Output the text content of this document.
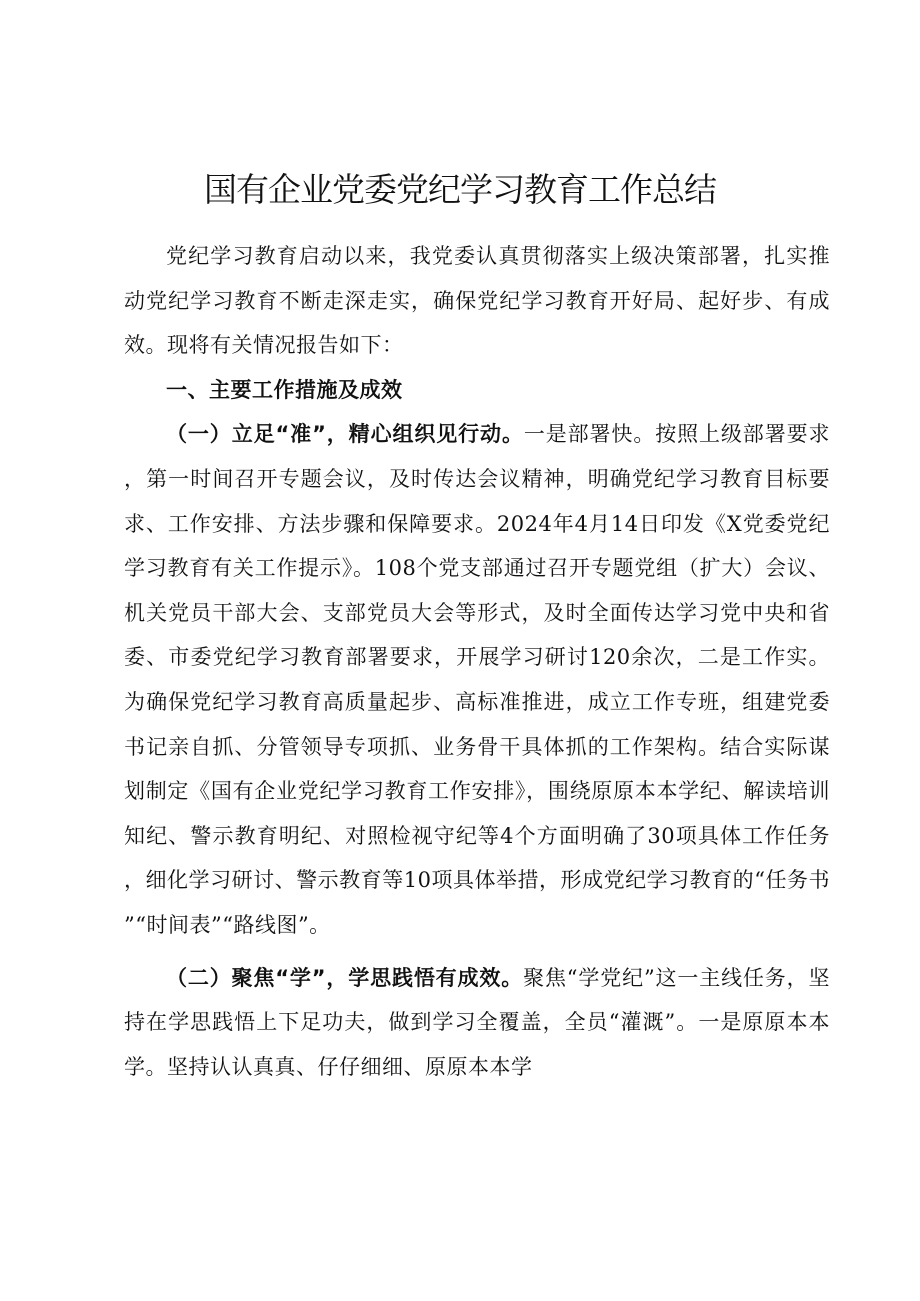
国有企业党委党纪学习教育工作总结

党纪学习教育启动以来，我党委认真贯彻落实上级决策部署，扎实推动党纪学习教育不断走深走实，确保党纪学习教育开好局、起好步、有成效。现将有关情况报告如下：

一、主要工作措施及成效

（一）立足“准”，精心组织见行动。一是部署快。按照上级部署要求，第一时间召开专题会议，及时传达会议精神，明确党纪学习教育目标要求、工作安排、方法步骤和保障要求。2024年4月14日印发《X党委党纪学习教育有关工作提示》。108个党支部通过召开专题党组（扩大）会议、机关党员干部大会、支部党员大会等形式，及时全面传达学习党中央和省委、市委党纪学习教育部署要求，开展学习研讨120余次，二是工作实。为确保党纪学习教育高质量起步、高标准推进，成立工作专班，组建党委书记亲自抓、分管领导专项抓、业务骨干具体抓的工作架构。结合实际谋划制定《国有企业党纪学习教育工作安排》，围绕原原本本学纪、解读培训知纪、警示教育明纪、对照检视守纪等4个方面明确了30项具体工作任务，细化学习研讨、警示教育等10项具体举措，形成党纪学习教育的“任务书”“时间表”“路线图”。

（二）聚焦“学”，学思践悟有成效。聚焦“学党纪”这一主线任务，坚持在学思践悟上下足功夫，做到学习全覆盖，全员“灌溉”。一是原原本本学。坚持认认真真、仔仔细细、原原本本学
